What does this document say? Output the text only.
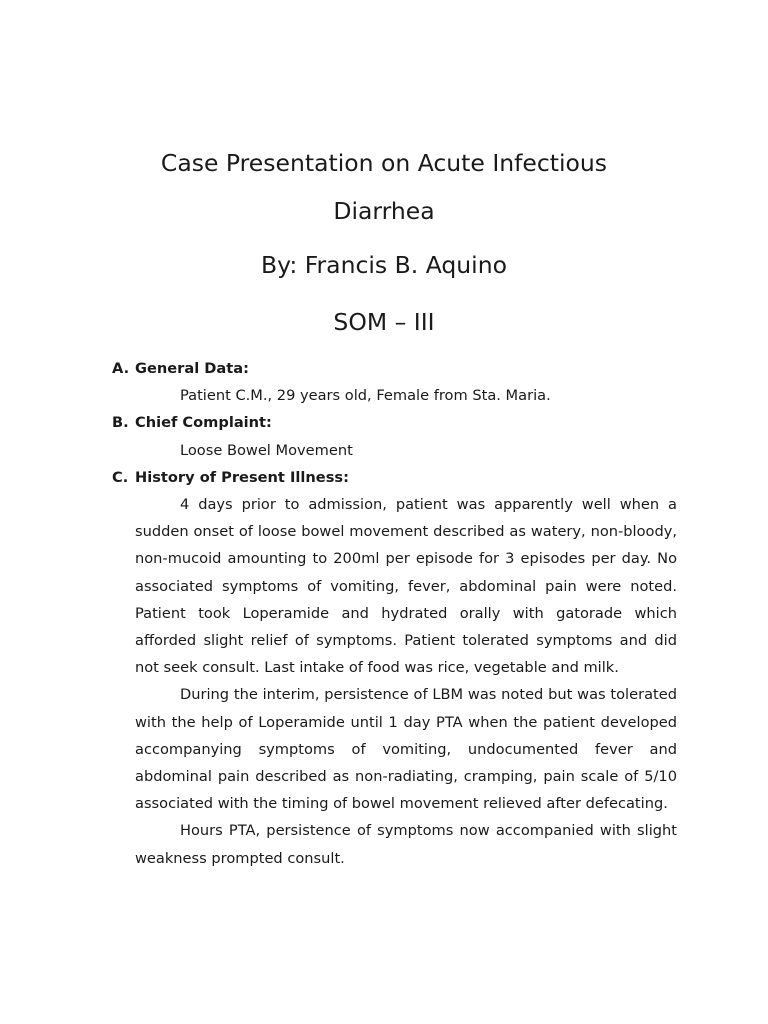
Case Presentation on Acute Infectious
Diarrhea
By: Francis B. Aquino
SOM – III
A. General Data:
Patient C.M., 29 years old, Female from Sta. Maria.
B. Chief Complaint:
Loose Bowel Movement
C. History of Present Illness:
4 days prior to admission, patient was apparently well when a sudden onset of loose bowel movement described as watery, non-bloody, non-mucoid amounting to 200ml per episode for 3 episodes per day. No associated symptoms of vomiting, fever, abdominal pain were noted. Patient took Loperamide and hydrated orally with gatorade which afforded slight relief of symptoms. Patient tolerated symptoms and did not seek consult. Last intake of food was rice, vegetable and milk.
During the interim, persistence of LBM was noted but was tolerated with the help of Loperamide until 1 day PTA when the patient developed accompanying symptoms of vomiting, undocumented fever and abdominal pain described as non-radiating, cramping, pain scale of 5/10 associated with the timing of bowel movement relieved after defecating.
Hours PTA, persistence of symptoms now accompanied with slight weakness prompted consult.
